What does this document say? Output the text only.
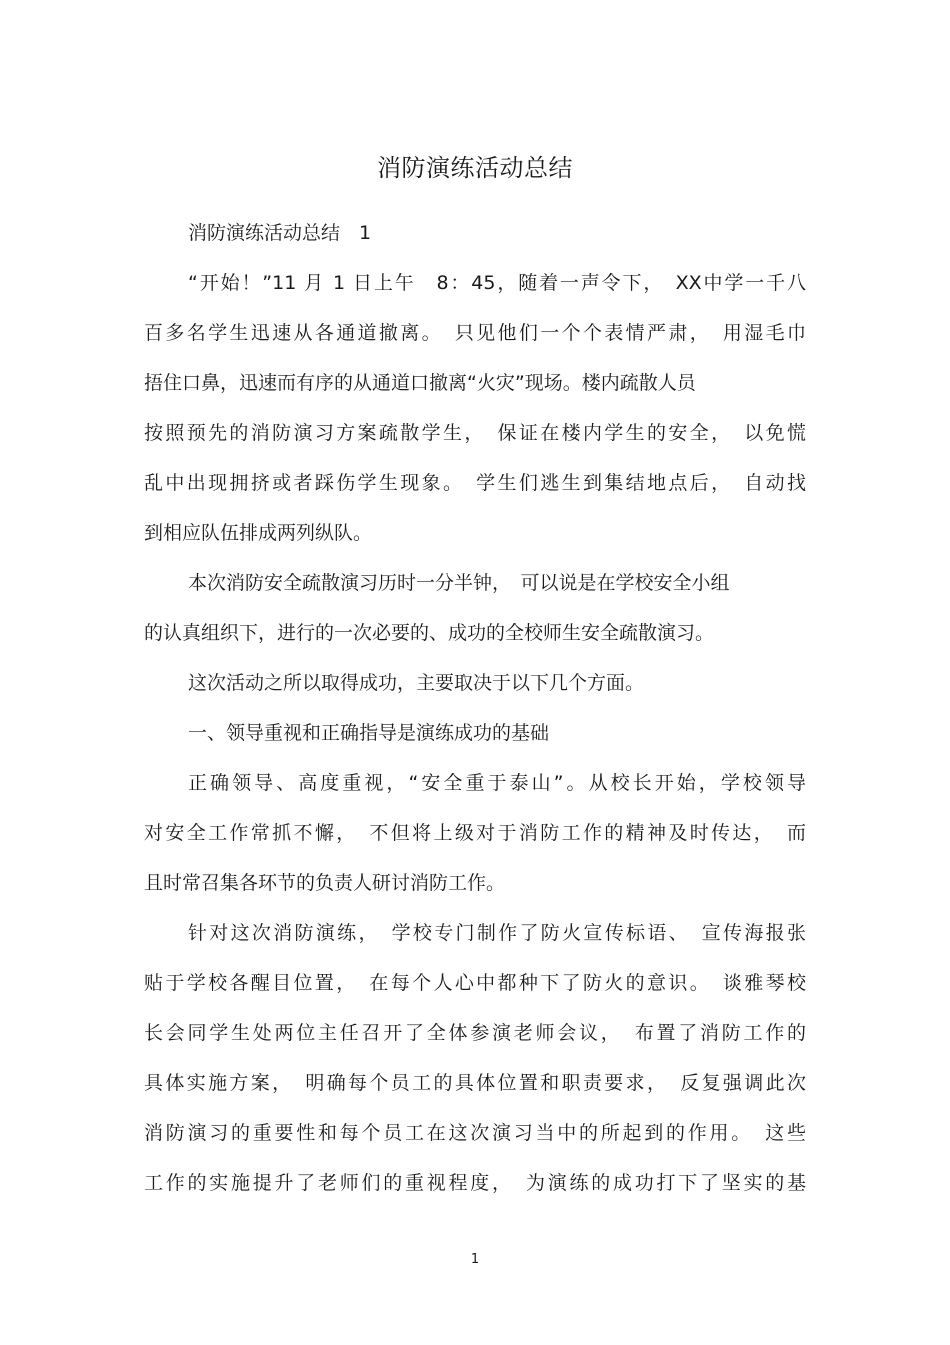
消防演练活动总结
消防演练活动总结　1
“开始！”11 月 1 日上午　8：45，随着一声令下，　XX中学一千八
百多名学生迅速从各通道撤离。　只见他们一个个表情严肃，　用湿毛巾
捂住口鼻，迅速而有序的从通道口撤离“火灾”现场。楼内疏散人员
按照预先的消防演习方案疏散学生，　保证在楼内学生的安全，　以免慌
乱中出现拥挤或者踩伤学生现象。　学生们逃生到集结地点后，　自动找
到相应队伍排成两列纵队。
本次消防安全疏散演习历时一分半钟，　可以说是在学校安全小组
的认真组织下，进行的一次必要的、成功的全校师生安全疏散演习。
这次活动之所以取得成功，主要取决于以下几个方面。
一、领导重视和正确指导是演练成功的基础
正确领导、高度重视，“安全重于泰山”。从校长开始，学校领导
对安全工作常抓不懈，　不但将上级对于消防工作的精神及时传达，　而
且时常召集各环节的负责人研讨消防工作。
针对这次消防演练，　学校专门制作了防火宣传标语、　宣传海报张
贴于学校各醒目位置，　在每个人心中都种下了防火的意识。　谈雅琴校
长会同学生处两位主任召开了全体参演老师会议，　布置了消防工作的
具体实施方案，　明确每个员工的具体位置和职责要求，　反复强调此次
消防演习的重要性和每个员工在这次演习当中的所起到的作用。　这些
工作的实施提升了老师们的重视程度，　为演练的成功打下了坚实的基
1
